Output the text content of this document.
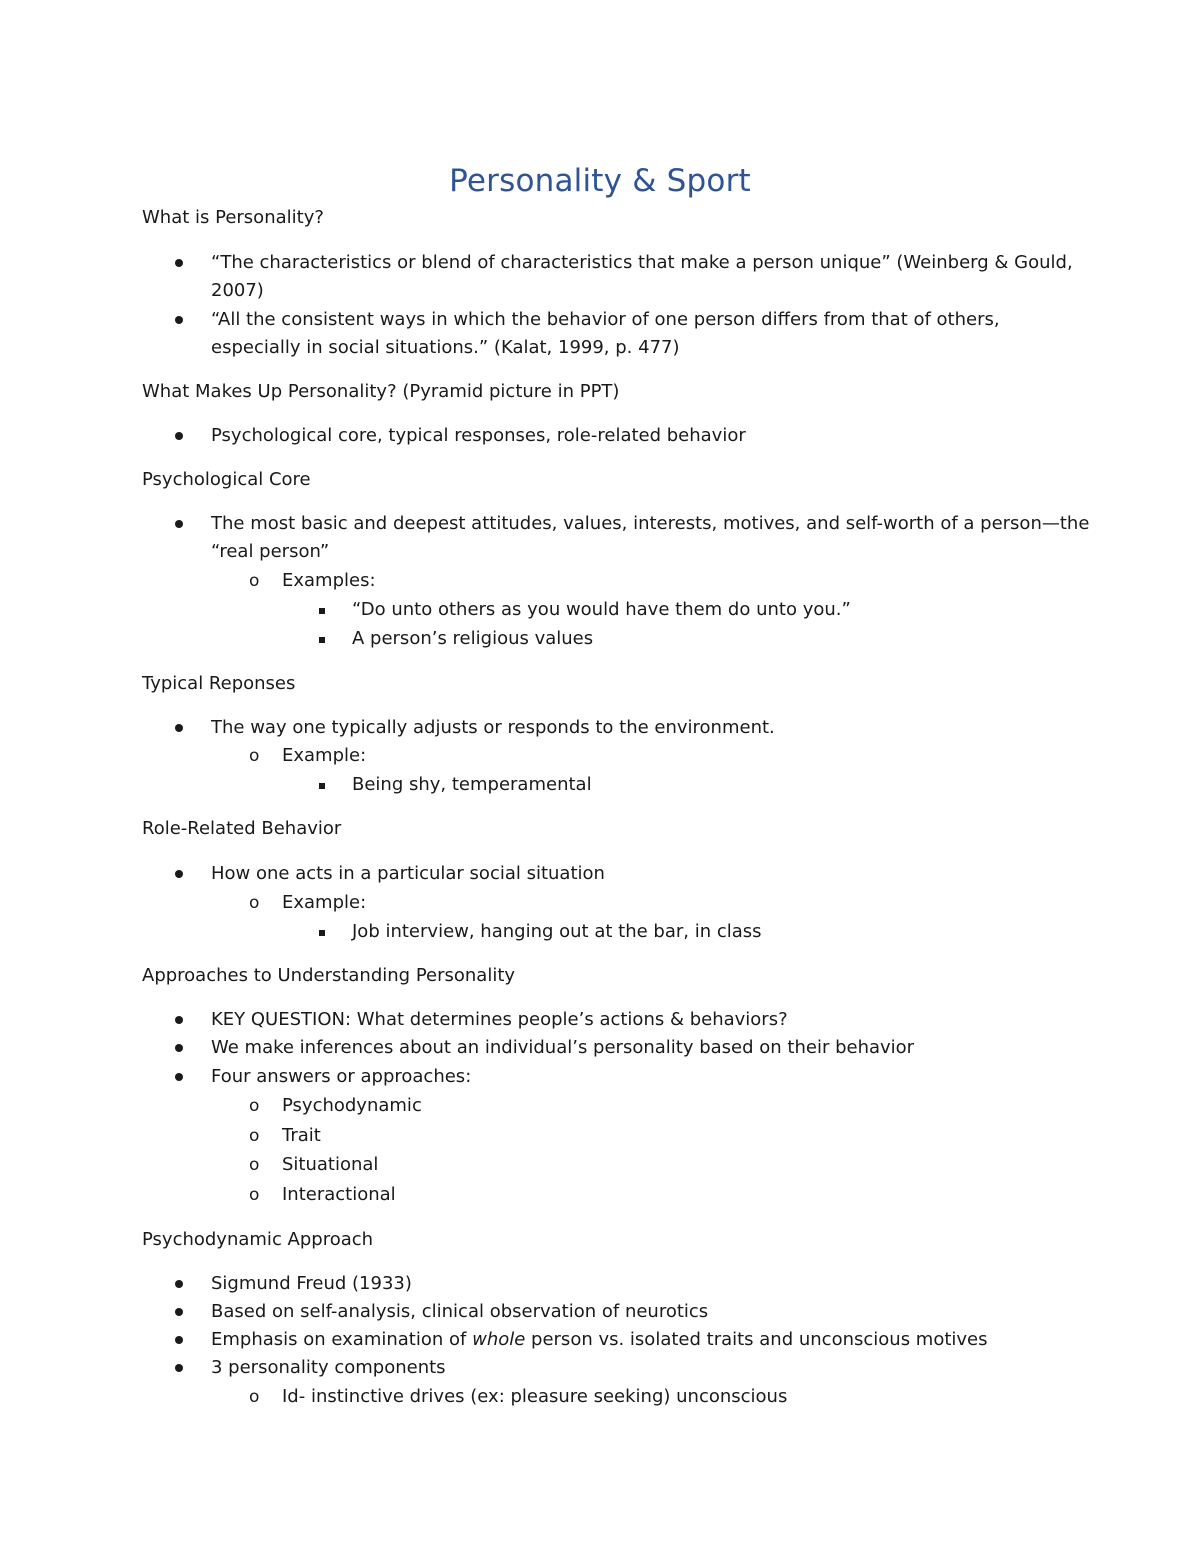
Personality & Sport
What is Personality?
“The characteristics or blend of characteristics that make a person unique” (Weinberg & Gould,
2007)
“All the consistent ways in which the behavior of one person differs from that of others,
especially in social situations.” (Kalat, 1999, p. 477)
What Makes Up Personality? (Pyramid picture in PPT)
Psychological core, typical responses, role-related behavior
Psychological Core
The most basic and deepest attitudes, values, interests, motives, and self-worth of a person—the
“real person”
o Examples:
“Do unto others as you would have them do unto you.”
A person’s religious values
Typical Reponses
The way one typically adjusts or responds to the environment.
o Example:
Being shy, temperamental
Role-Related Behavior
How one acts in a particular social situation
o Example:
Job interview, hanging out at the bar, in class
Approaches to Understanding Personality
KEY QUESTION: What determines people’s actions & behaviors?
We make inferences about an individual’s personality based on their behavior
Four answers or approaches:
o Psychodynamic
o Trait
o Situational
o Interactional
Psychodynamic Approach
Sigmund Freud (1933)
Based on self-analysis, clinical observation of neurotics
Emphasis on examination of whole person vs. isolated traits and unconscious motives
3 personality components
o Id- instinctive drives (ex: pleasure seeking) unconscious
